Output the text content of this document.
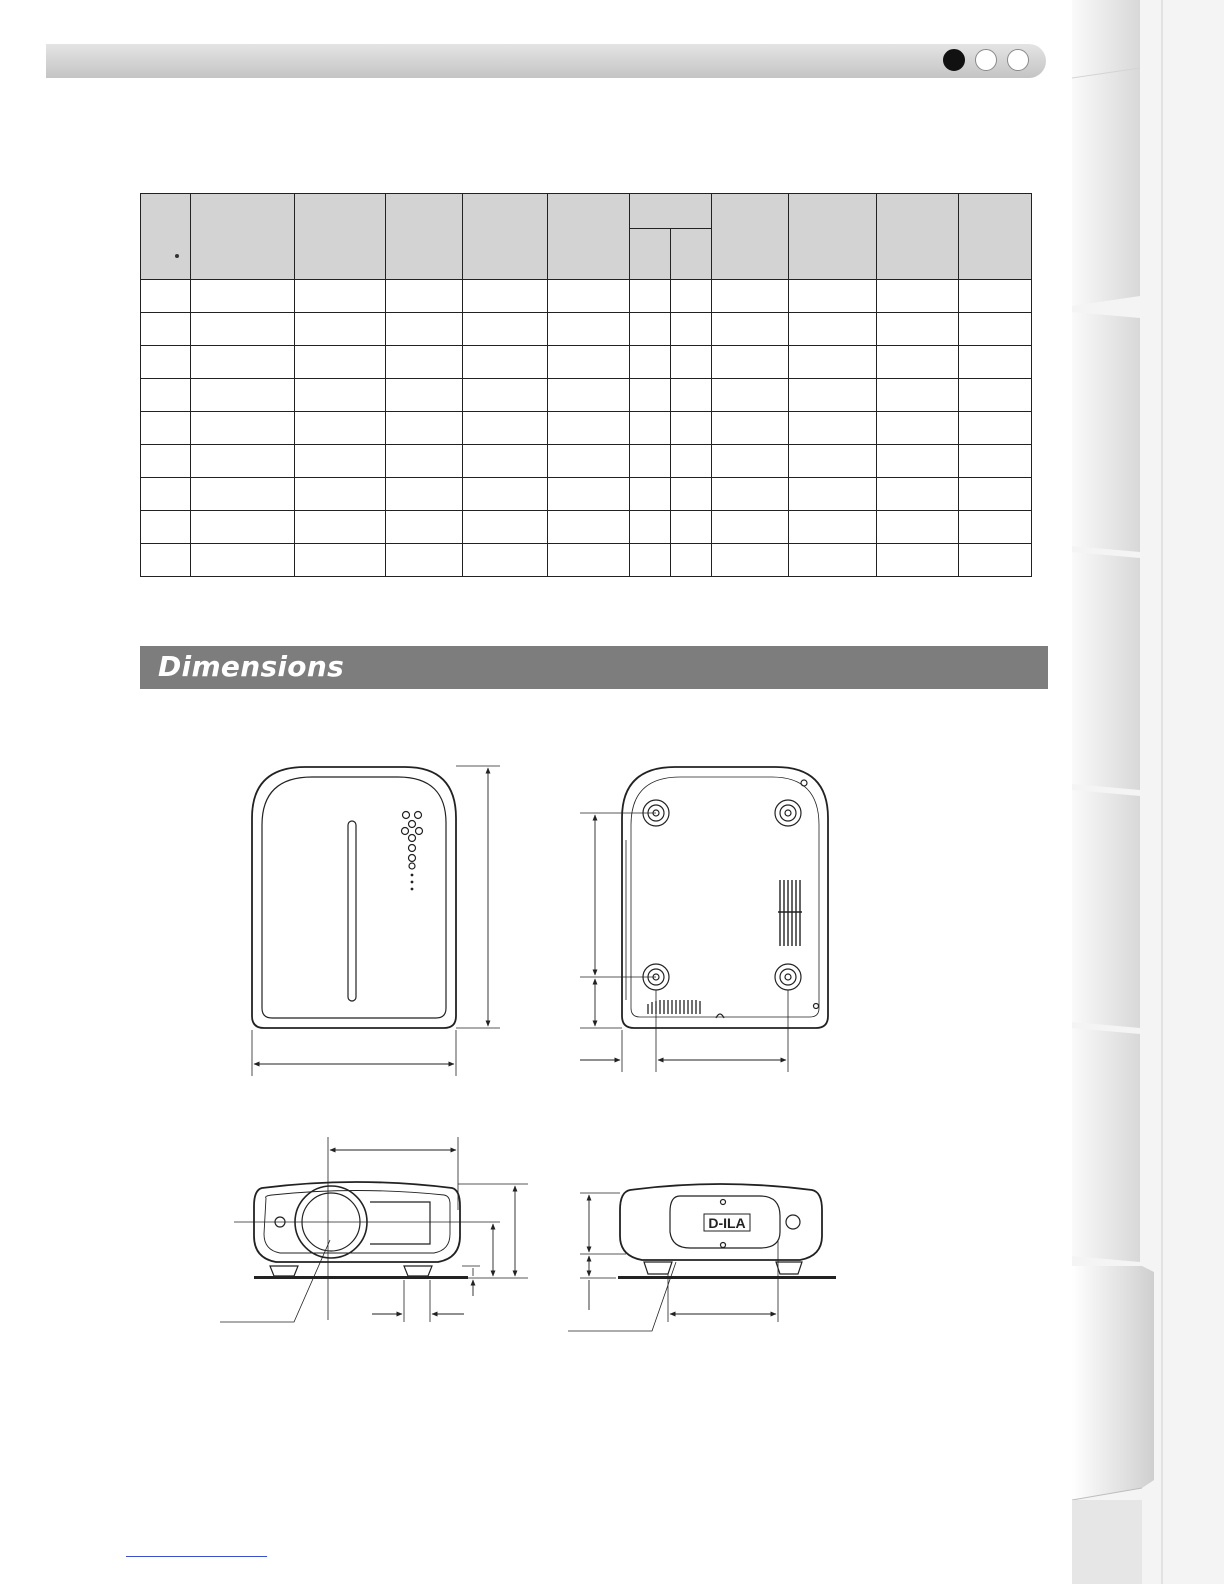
Dimensions
D-ILA
